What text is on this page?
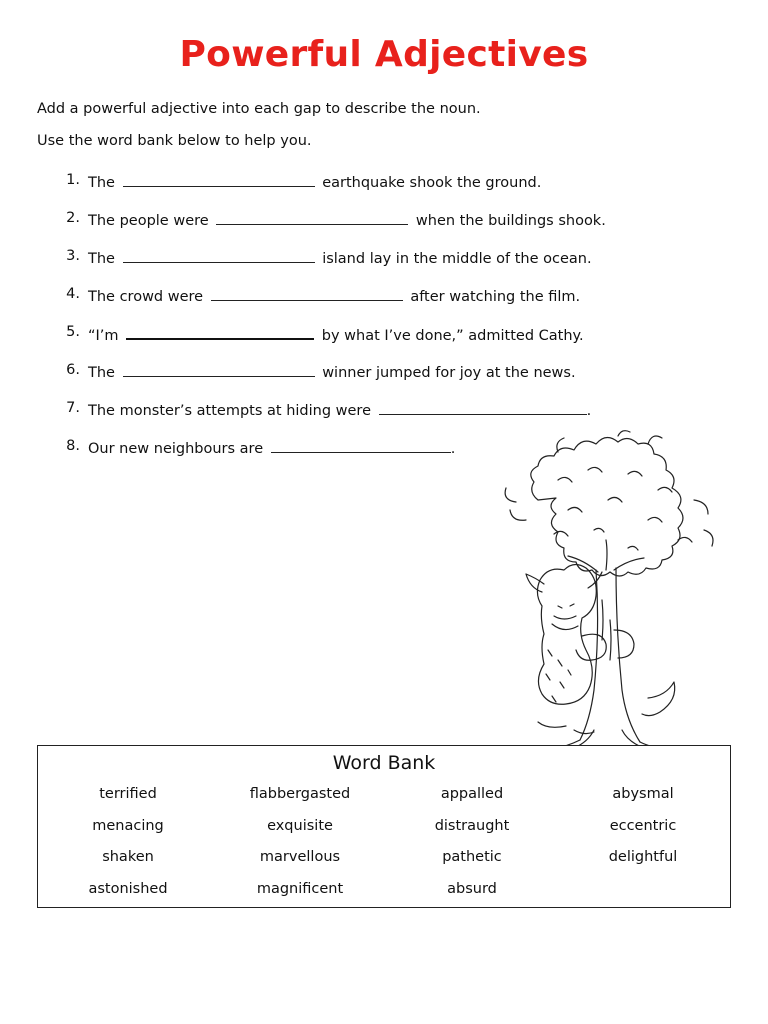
Powerful Adjectives
Add a powerful adjective into each gap to describe the noun.
Use the word bank below to help you.
1. The	earthquake shook the ground.
2. The people were	when the buildings shook.
3. The	island lay in the middle of the ocean.
4. The crowd were	after watching the film.
5. “I’m	by what I’ve done,” admitted Cathy.
6. The	winner jumped for joy at the news.
7. The monster’s attempts at hiding were	.
8. Our new neighbours are	.
Word Bank
terrified	flabbergasted	appalled	abysmal
menacing	exquisite	distraught	eccentric
shaken	marvellous	pathetic	delightful
astonished	magnificent	absurd
